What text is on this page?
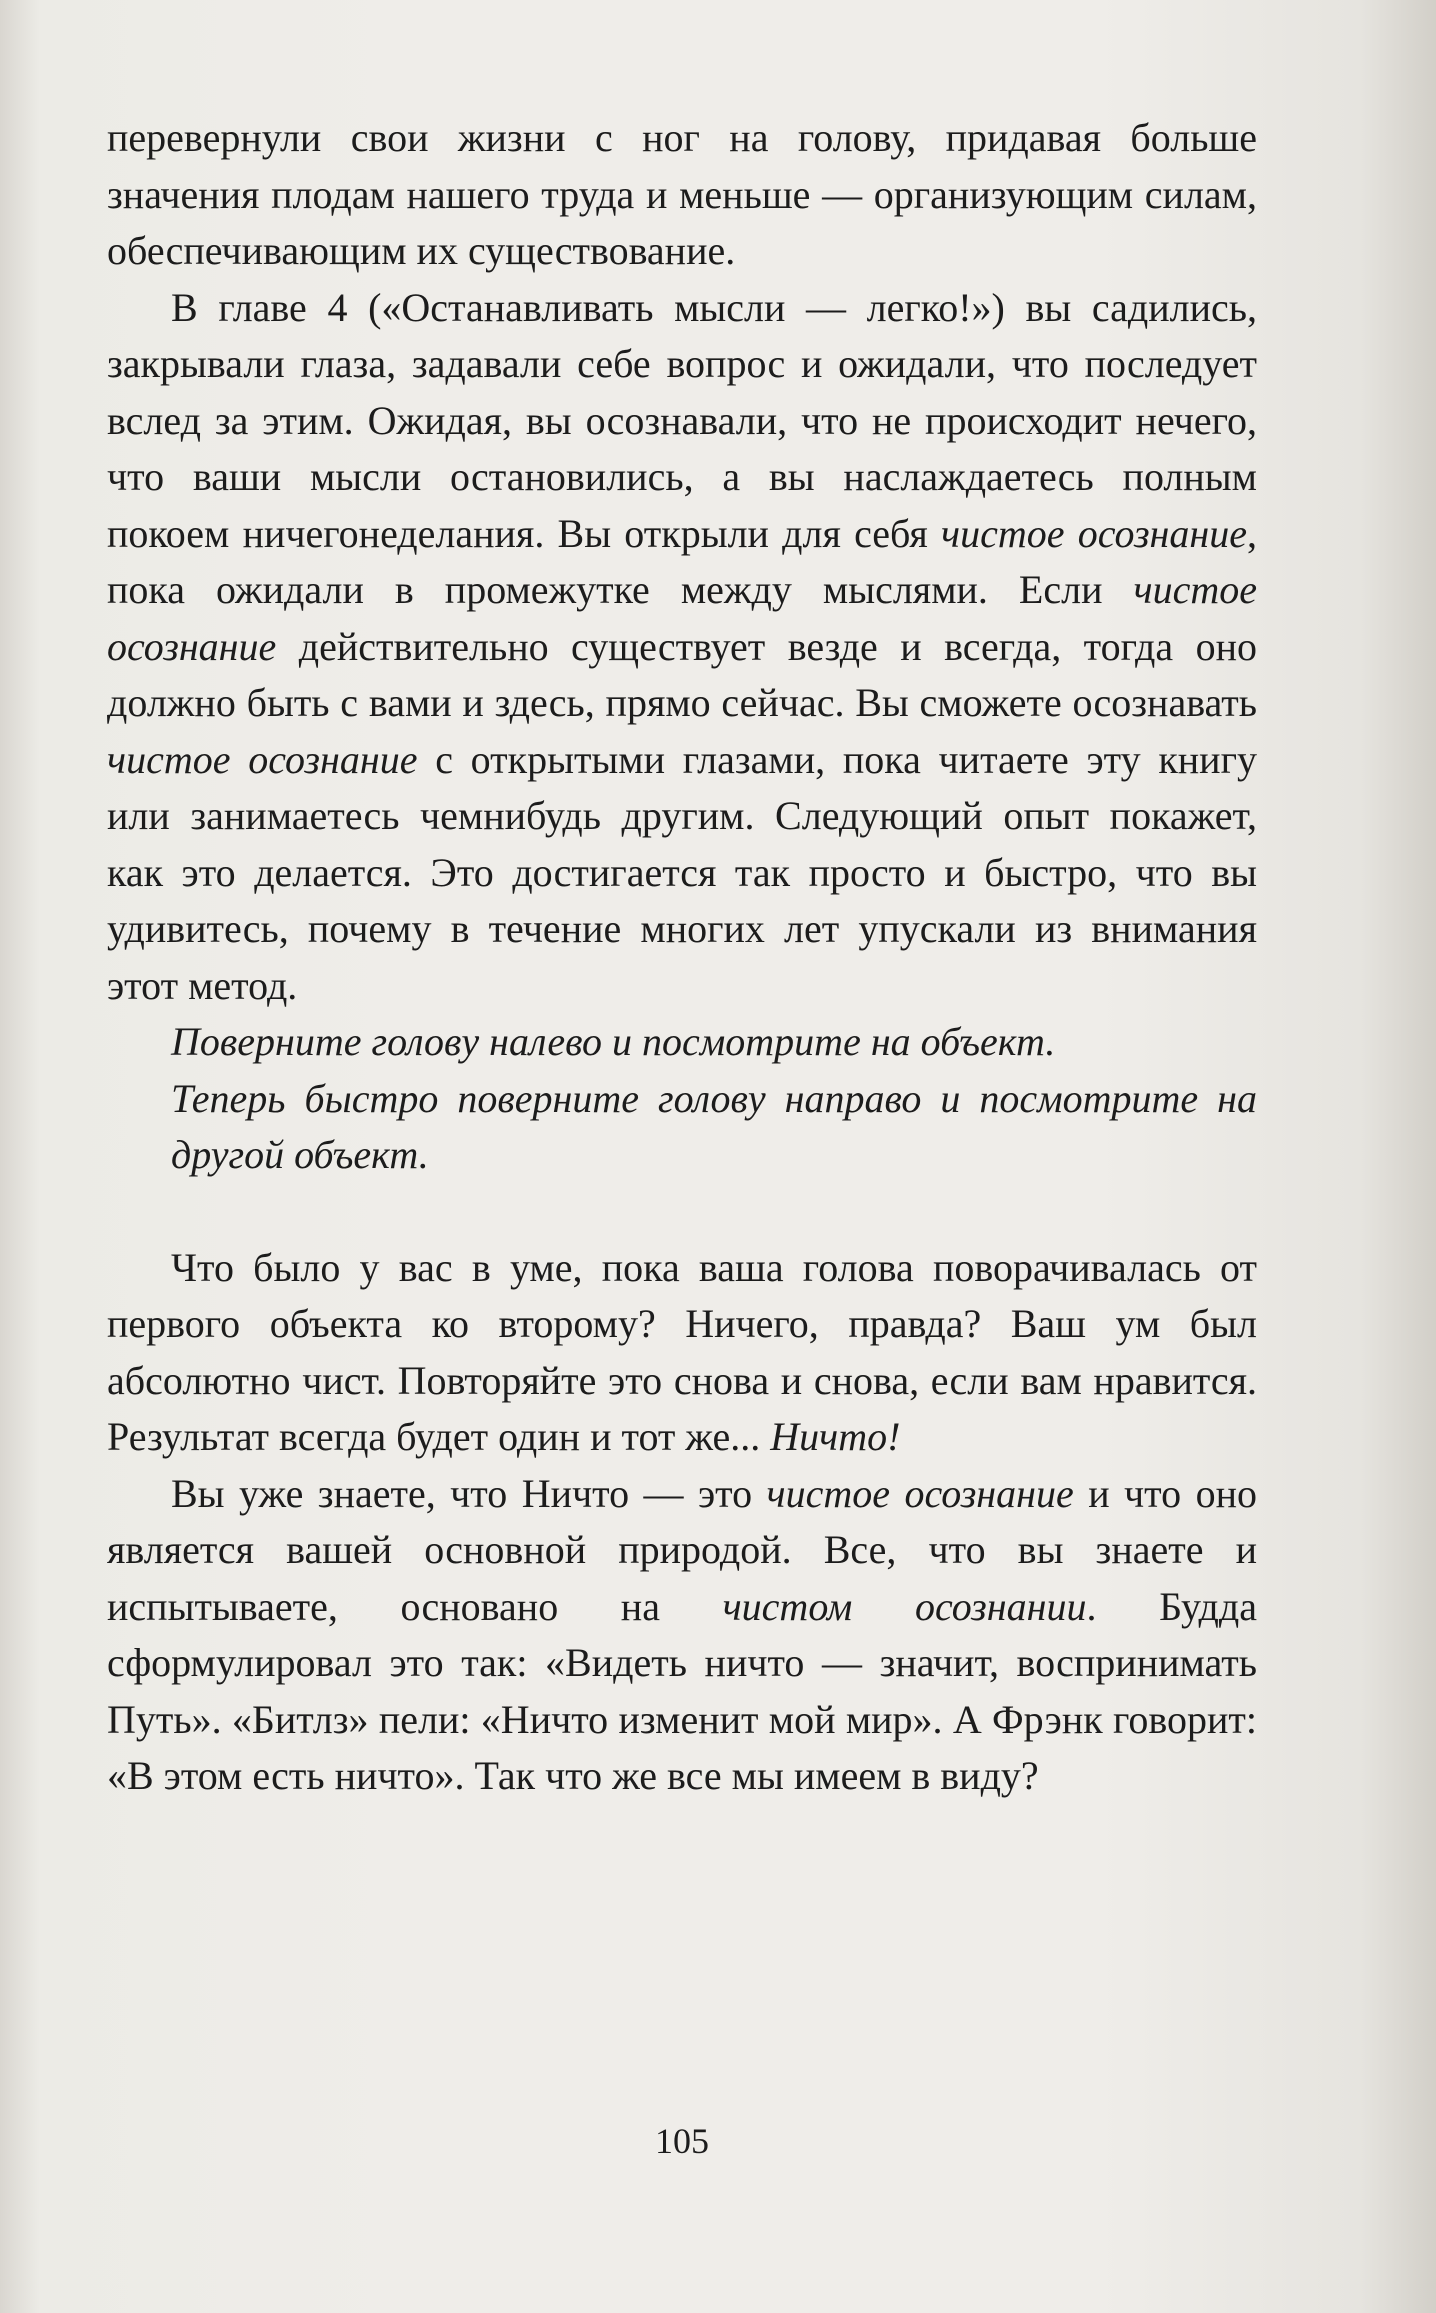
перевернули свои жизни с ног на голову, придавая больше значения плодам нашего труда и меньше — организующим силам, обеспечивающим их существование.

В главе 4 («Останавливать мысли — легко!») вы садились, закрывали глаза, задавали себе вопрос и ожидали, что последует вслед за этим. Ожидая, вы осознавали, что не происходит нечего, что ваши мысли остановились, а вы наслаждаетесь полным покоем ничегонеделания. Вы открыли для себя чистое осознание, пока ожидали в промежутке между мыслями. Если чистое осознание действительно существует везде и всегда, тогда оно должно быть с вами и здесь, прямо сейчас. Вы сможете осознавать чистое осознание с открытыми глазами, пока читаете эту книгу или занимаетесь чемнибудь другим. Следующий опыт покажет, как это делается. Это достигается так просто и быстро, что вы удивитесь, почему в течение многих лет упускали из внимания этот метод.

Поверните голову налево и посмотрите на объект.
Теперь быстро поверните голову направо и посмотрите на другой объект.

Что было у вас в уме, пока ваша голова поворачивалась от первого объекта ко второму? Ничего, правда? Ваш ум был абсолютно чист. Повторяйте это снова и снова, если вам нравится. Результат всегда будет один и тот же... Ничто!

Вы уже знаете, что Ничто — это чистое осознание и что оно является вашей основной природой. Все, что вы знаете и испытываете, основано на чистом осознании. Будда сформулировал это так: «Видеть ничто — значит, воспринимать Путь». «Битлз» пели: «Ничто изменит мой мир». А Фрэнк говорит: «В этом есть ничто». Так что же все мы имеем в виду?

105
